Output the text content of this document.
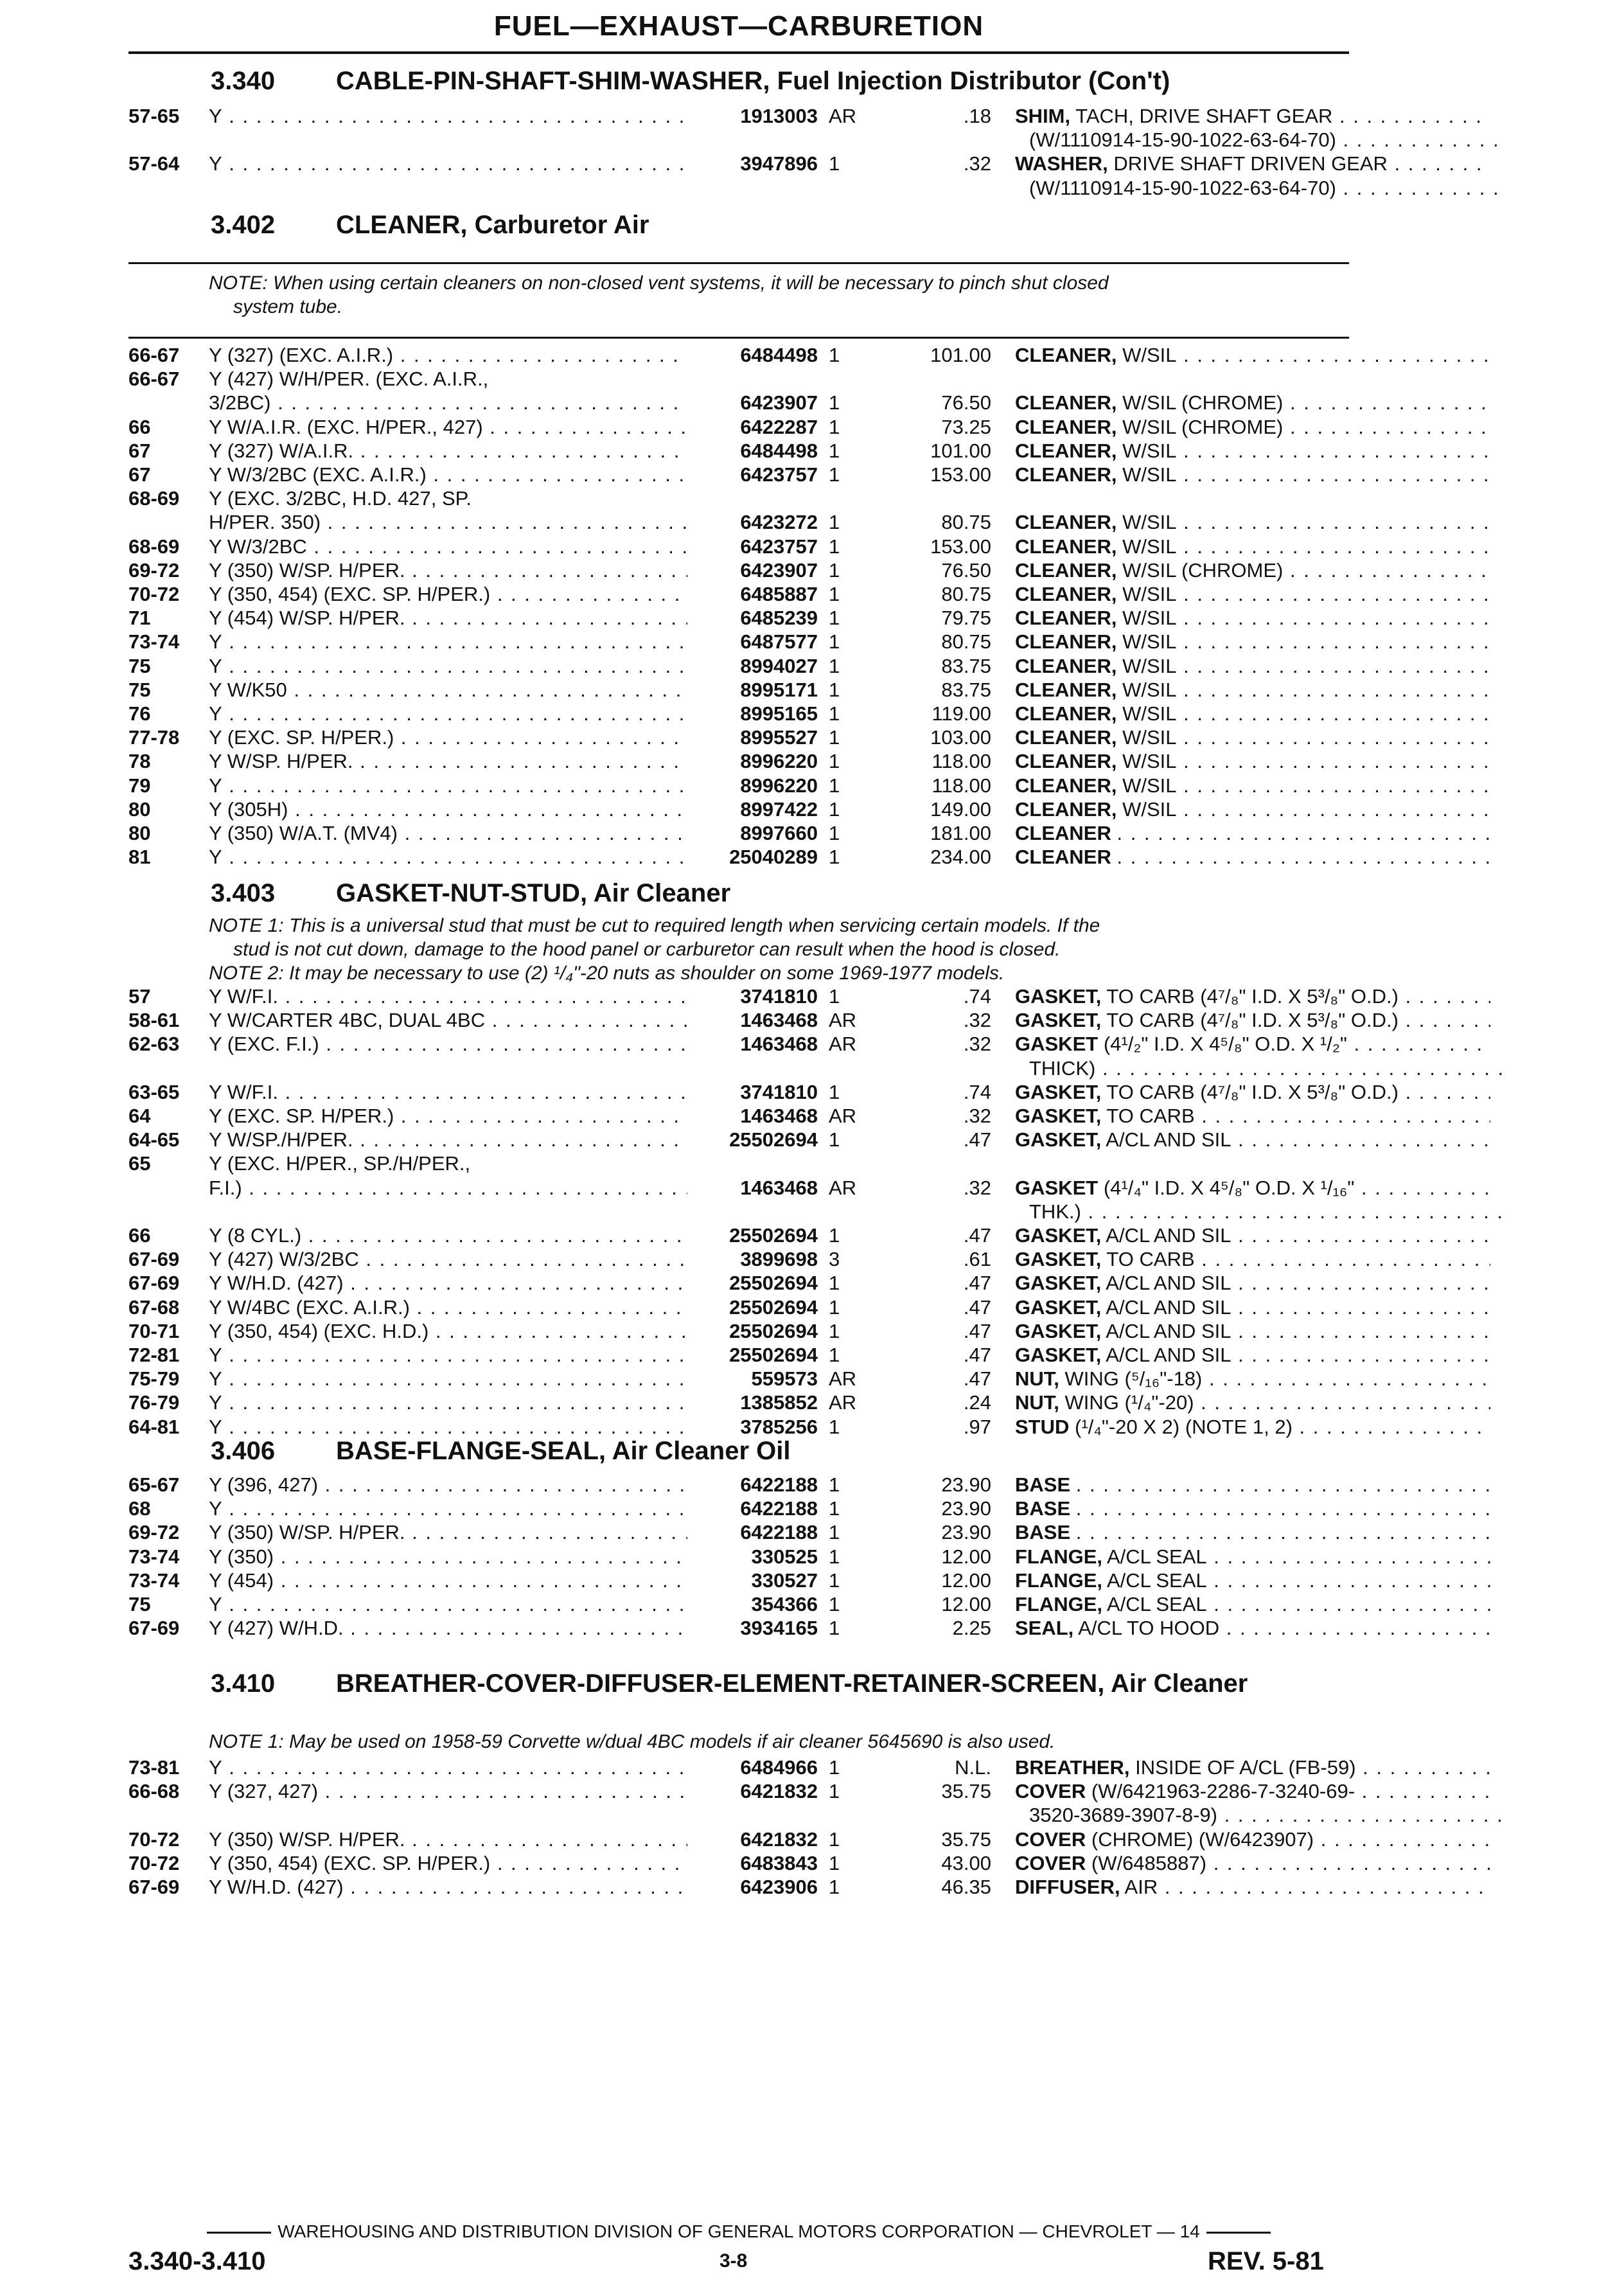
FUEL—EXHAUST—CARBURETION
3.340 CABLE-PIN-SHAFT-SHIM-WASHER, Fuel Injection Distributor (Con't)
57-65	Y . . .	1913003 AR	.18 SHIM, TACH, DRIVE SHAFT GEAR . . .
(W/1110914-15-90-1022-63-64-70) . . .
57-64	Y . . .	3947896 1	.32 WASHER, DRIVE SHAFT DRIVEN GEAR . . .
(W/1110914-15-90-1022-63-64-70) . . .
3.402 CLEANER, Carburetor Air

NOTE: When using certain cleaners on non-closed vent systems, it will be necessary to pinch shut closed

system tube.

66-67	Y (327) (EXC. A.I.R.) . . .	6484498 1	101.00 CLEANER, W/SIL . . .
66-67	Y (427) W/H/PER. (EXC. A.I.R.,
3/2BC) . . .	6423907 1	76.50 CLEANER, W/SIL (CHROME) . . .
66	Y W/A.I.R. (EXC. H/PER., 427) . . .	6422287 1	73.25 CLEANER, W/SIL (CHROME) . . .
67	Y (327) W/A.I.R. . . .	6484498 1	101.00 CLEANER, W/SIL . . .
67	Y W/3/2BC (EXC. A.I.R.) . . .	6423757 1	153.00 CLEANER, W/SIL . . .
68-69	Y (EXC. 3/2BC, H.D. 427, SP.
H/PER. 350) . . .	6423272 1	80.75 CLEANER, W/SIL . . .
68-69	Y W/3/2BC . . .	6423757 1	153.00 CLEANER, W/SIL . . .
69-72	Y (350) W/SP. H/PER. . . .	6423907 1	76.50 CLEANER, W/SIL (CHROME) . . .
70-72	Y (350, 454) (EXC. SP. H/PER.) . . .	6485887 1	80.75 CLEANER, W/SIL . . .
71	Y (454) W/SP. H/PER. . . .	6485239 1	79.75 CLEANER, W/SIL . . .
73-74	Y . . .	6487577 1	80.75 CLEANER, W/SIL . . .
75	Y . . .	8994027 1	83.75 CLEANER, W/SIL . . .
75	Y W/K50 . . .	8995171 1	83.75 CLEANER, W/SIL . . .
76	Y . . .	8995165 1	119.00 CLEANER, W/SIL . . .
77-78	Y (EXC. SP. H/PER.) . . .	8995527 1	103.00 CLEANER, W/SIL . . .
78	Y W/SP. H/PER. . . .	8996220 1	118.00 CLEANER, W/SIL . . .
79	Y . . .	8996220 1	118.00 CLEANER, W/SIL . . .
80	Y (305H) . . .	8997422 1	149.00 CLEANER, W/SIL . . .
80	Y (350) W/A.T. (MV4) . . .	8997660 1	181.00 CLEANER . . .
81	Y . . .	25040289 1	234.00 CLEANER . . .
3.403 GASKET-NUT-STUD, Air Cleaner

NOTE 1: This is a universal stud that must be cut to required length when servicing certain models. If the

stud is not cut down, damage to the hood panel or carburetor can result when the hood is closed.

NOTE 2: It may be necessary to use (2) ¹/₄"-20 nuts as shoulder on some 1969-1977 models.

57	Y W/F.I. . . .	3741810 1	.74 GASKET, TO CARB (4⁷/₈" I.D. X 5³/₈" O.D.) . . .
58-61	Y W/CARTER 4BC, DUAL 4BC . . .	1463468 AR	.32 GASKET, TO CARB (4⁷/₈" I.D. X 5³/₈" O.D.) . . .
62-63	Y (EXC. F.I.) . . .	1463468 AR	.32 GASKET (4¹/₂" I.D. X 4⁵/₈" O.D. X ¹/₂" . . .
THICK) . . .
63-65	Y W/F.I. . . .	3741810 1	.74 GASKET, TO CARB (4⁷/₈" I.D. X 5³/₈" O.D.) . . .
64	Y (EXC. SP. H/PER.) . . .	1463468 AR	.32 GASKET, TO CARB . . .
64-65	Y W/SP./H/PER. . . .	25502694 1	.47 GASKET, A/CL AND SIL . . .
65	Y (EXC. H/PER., SP./H/PER.,
F.I.) . . .	1463468 AR	.32 GASKET (4¹/₄" I.D. X 4⁵/₈" O.D. X ¹/₁₆" . . .
THK.) . . .
66	Y (8 CYL.) . . .	25502694 1	.47 GASKET, A/CL AND SIL . . .
67-69	Y (427) W/3/2BC . . .	3899698 3	.61 GASKET, TO CARB . . .
67-69	Y W/H.D. (427) . . .	25502694 1	.47 GASKET, A/CL AND SIL . . .
67-68	Y W/4BC (EXC. A.I.R.) . . .	25502694 1	.47 GASKET, A/CL AND SIL . . .
70-71	Y (350, 454) (EXC. H.D.) . . .	25502694 1	.47 GASKET, A/CL AND SIL . . .
72-81	Y . . .	25502694 1	.47 GASKET, A/CL AND SIL . . .
75-79	Y . . .	559573 AR	.47 NUT, WING (⁵/₁₆"-18) . . .
76-79	Y . . .	1385852 AR	.24 NUT, WING (¹/₄"-20) . . .
64-81	Y . . .	3785256 1	.97 STUD (¹/₄"-20 X 2) (NOTE 1, 2) . . .
3.406 BASE-FLANGE-SEAL, Air Cleaner Oil
65-67	Y (396, 427) . . .	6422188 1	23.90 BASE . . .
68	Y . . .	6422188 1	23.90 BASE . . .
69-72	Y (350) W/SP. H/PER. . . .	6422188 1	23.90 BASE . . .
73-74	Y (350) . . .	330525 1	12.00 FLANGE, A/CL SEAL . . .
73-74	Y (454) . . .	330527 1	12.00 FLANGE, A/CL SEAL . . .
75	Y . . .	354366 1	12.00 FLANGE, A/CL SEAL . . .
67-69	Y (427) W/H.D. . . .	3934165 1	2.25 SEAL, A/CL TO HOOD . . .
3.410	BREATHER-COVER-DIFFUSER-ELEMENT-RETAINER-SCREEN, Air Cleaner

NOTE 1: May be used on 1958-59 Corvette w/dual 4BC models if air cleaner 5645690 is also used.

73-81	Y . . .	6484966 1	N.L. BREATHER, INSIDE OF A/CL (FB-59) . . .
66-68	Y (327, 427) . . .	6421832 1	35.75 COVER (W/6421963-2286-7-3240-69- . . .
3520-3689-3907-8-9) . . .
70-72	Y (350) W/SP. H/PER. . . .	6421832 1	35.75 COVER (CHROME) (W/6423907) . . .
70-72	Y (350, 454) (EXC. SP. H/PER.) . . .	6483843 1	43.00 COVER (W/6485887) . . .
67-69	Y W/H.D. (427) . . .	6423906 1	46.35 DIFFUSER, AIR . . .
WAREHOUSING AND DISTRIBUTION DIVISION OF GENERAL MOTORS CORPORATION — CHEVROLET — 14
3.340-3.410	3-8	REV. 5-81
